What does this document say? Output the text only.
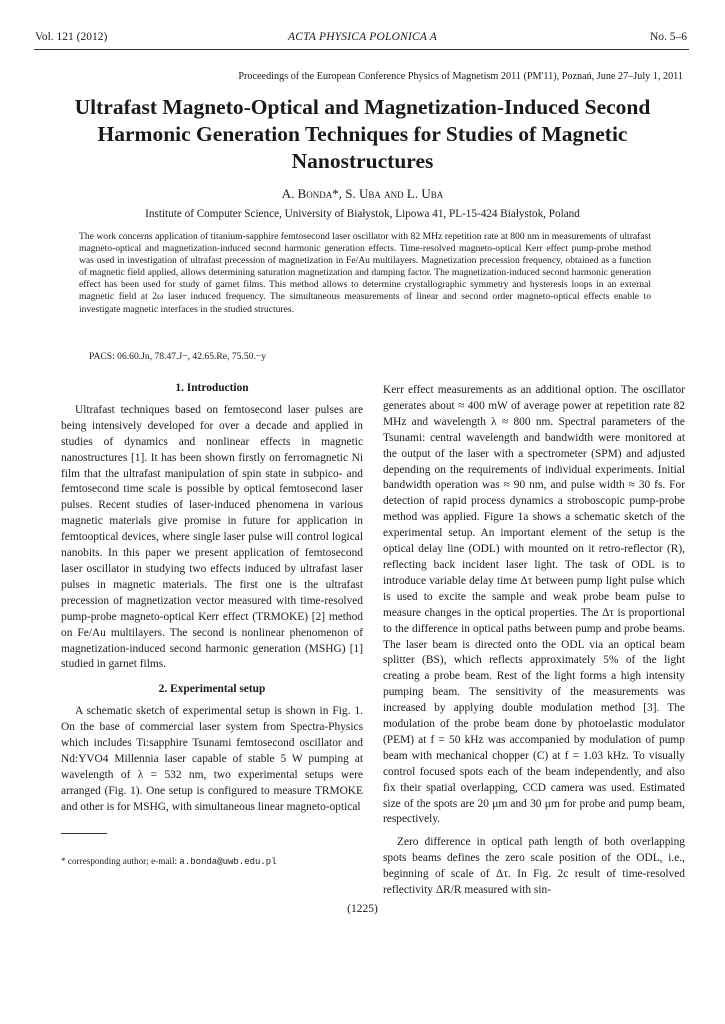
Vol. 121 (2012)	ACTA PHYSICA POLONICA A	No. 5–6
Proceedings of the European Conference Physics of Magnetism 2011 (PM'11), Poznań, June 27–July 1, 2011
Ultrafast Magneto-Optical and Magnetization-Induced Second Harmonic Generation Techniques for Studies of Magnetic Nanostructures
A. Bonda*, S. Uba and L. Uba
Institute of Computer Science, University of Białystok, Lipowa 41, PL-15-424 Białystok, Poland

The work concerns application of titanium-sapphire femtosecond laser oscillator with 82 MHz repetition rate at 800 nm in measurements of ultrafast magneto-optical and magnetization-induced second harmonic generation effects. Time-resolved magneto-optical Kerr effect pump-probe method was used in investigation of ultrafast precession of magnetization in Fe/Au multilayers. Magnetization precession frequency, obtained as a function of magnetic field applied, allows determining saturation magnetization and damping factor. The magnetization-induced second harmonic generation effect has been used for study of garnet films. This method allows to determine crystallographic symmetry and hysteresis loops in an external magnetic field at 2ω laser induced frequency. The simultaneous measurements of linear and second order magneto-optical effects enable to investigate magnetic interfaces in the studied structures.

PACS: 06.60.Jn, 78.47.J−, 42.65.Re, 75.50.−y
1. Introduction

Ultrafast techniques based on femtosecond laser pulses are being intensively developed for over a decade and applied in studies of dynamics and nonlinear effects in magnetic nanostructures [1]. It has been shown firstly on ferromagnetic Ni film that the ultrafast manipulation of spin state in subpico- and femtosecond time scale is possible by optical femtosecond laser pulses. Recent studies of laser-induced phenomena in various magnetic materials give promise in future for application in femtooptical devices, where single laser pulse will control logical nanobits. In this paper we present application of femtosecond laser oscillator in studying two effects induced by ultrafast laser pulses in magnetic materials. The first one is the ultrafast precession of magnetization vector measured with time-resolved pump-probe magneto-optical Kerr effect (TRMOKE) [2] method on Fe/Au multilayers. The second is nonlinear phenomenon of magnetization-induced second harmonic generation (MSHG) [1] studied in garnet films.

2. Experimental setup

A schematic sketch of experimental setup is shown in Fig. 1. On the base of commercial laser system from Spectra-Physics which includes Ti:sapphire Tsunami femtosecond oscillator and Nd:YVO4 Millennia laser capable of stable 5 W pumping at wavelength of λ = 532 nm, two experimental setups were arranged (Fig. 1). One setup is configured to measure TRMOKE and other is for MSHG, with simultaneous linear magneto-optical

Kerr effect measurements as an additional option. The oscillator generates about ≈ 400 mW of average power at repetition rate 82 MHz and wavelength λ ≈ 800 nm. Spectral parameters of the Tsunami: central wavelength and bandwidth were monitored at the output of the laser with a spectrometer (SPM) and adjusted depending on the requirements of individual experiments. Initial bandwidth operation was ≈ 90 nm, and pulse width ≈ 30 fs. For detection of rapid process dynamics a stroboscopic pump-probe method was applied. Figure 1a shows a schematic sketch of the experimental setup. An important element of the setup is the optical delay line (ODL) with mounted on it retro-reflector (R), reflecting back incident laser light. The task of ODL is to introduce variable delay time Δτ between pump light pulse which is used to excite the sample and weak probe beam pulse to measure changes in the optical properties. The Δτ is proportional to the difference in optical paths between pump and probe beams. The laser beam is directed onto the ODL via an optical beam splitter (BS), which reflects approximately 5% of the light creating a probe beam. Rest of the light forms a high intensity pumping beam. The sensitivity of the measurements was increased by applying double modulation method [3]. The modulation of the probe beam done by photoelastic modulator (PEM) at f = 50 kHz was accompanied by modulation of pump beam with mechanical chopper (C) at f = 1.03 kHz. To visually control focused spots each of the beam independently, and also fix their spatial overlapping, CCD camera was used. Estimated size of the spots are 20 μm and 30 μm for probe and pump beam, respectively.

Zero difference in optical path length of both overlapping spots beams defines the zero scale position of the ODL, i.e., beginning of scale of Δτ. In Fig. 2c result of time-resolved reflectivity ΔR/R measured with sin-

* corresponding author; e-mail: a.bonda@uwb.edu.pl
(1225)
